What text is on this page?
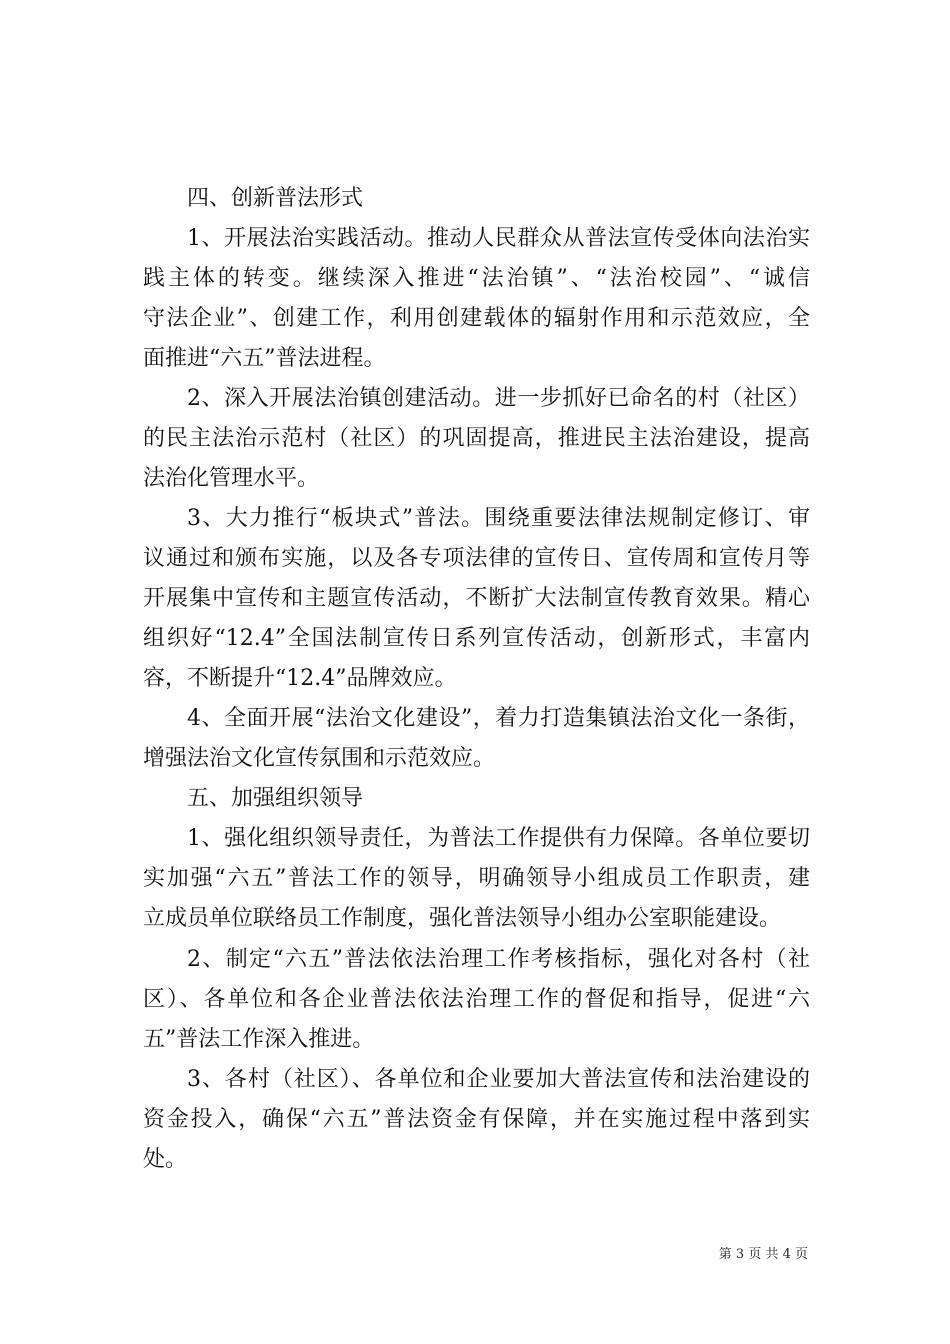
四、创新普法形式
1、开展法治实践活动。推动人民群众从普法宣传受体向法治实
践主体的转变。继续深入推进“法治镇”、“法治校园”、“诚信
守法企业”、创建工作，利用创建载体的辐射作用和示范效应，全
面推进“六五”普法进程。
2、深入开展法治镇创建活动。进一步抓好已命名的村（社区）
的民主法治示范村（社区）的巩固提高，推进民主法治建设，提高
法治化管理水平。
3、大力推行“板块式”普法。围绕重要法律法规制定修订、审
议通过和颁布实施，以及各专项法律的宣传日、宣传周和宣传月等
开展集中宣传和主题宣传活动，不断扩大法制宣传教育效果。精心
组织好“12.4”全国法制宣传日系列宣传活动，创新形式，丰富内
容，不断提升“12.4”品牌效应。
4、全面开展“法治文化建设”，着力打造集镇法治文化一条街，
增强法治文化宣传氛围和示范效应。
五、加强组织领导
1、强化组织领导责任，为普法工作提供有力保障。各单位要切
实加强“六五”普法工作的领导，明确领导小组成员工作职责，建
立成员单位联络员工作制度，强化普法领导小组办公室职能建设。
2、制定“六五”普法依法治理工作考核指标，强化对各村（社
区）、各单位和各企业普法依法治理工作的督促和指导，促进“六
五”普法工作深入推进。
3、各村（社区）、各单位和企业要加大普法宣传和法治建设的
资金投入，确保“六五”普法资金有保障，并在实施过程中落到实
处。
第 3 页 共 4 页
